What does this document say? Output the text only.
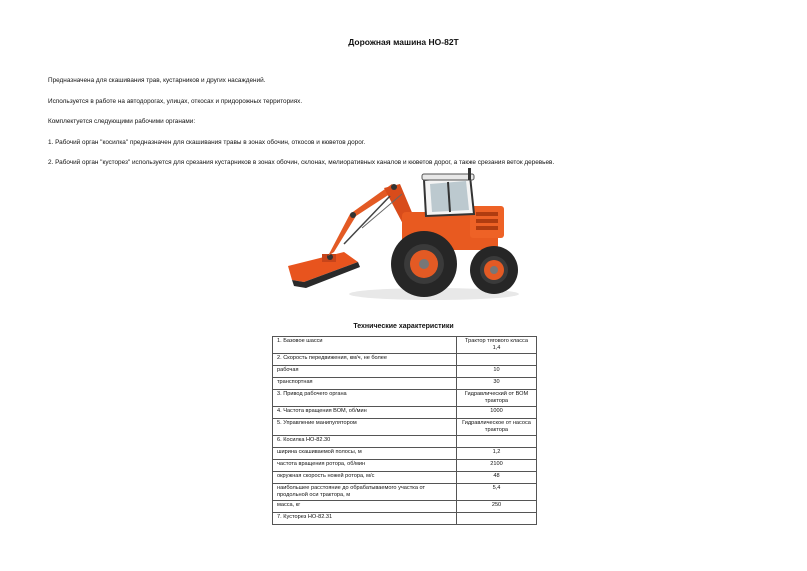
Дорожная машина НО-82Т
Предназначена для скашивания трав, кустарников и других насаждений.
Используется в работе на автодорогах, улицах, откосах и придорожных территориях.
Комплектуется следующими рабочими органами:
1. Рабочий орган "косилка" предназначен для скашивания травы в зонах обочин, откосов и кюветов дорог.
2. Рабочий орган "кусторез" используется для срезания кустарников в зонах обочин, склонах, мелиоративных каналов и кюветов дорог, а также срезания веток деревьев.
Технические характеристики
1. Базовое шасси	Трактор тягового класса 1,4
2. Скорость передвижения, км/ч, не более	
рабочая	10
транспортная	30
3. Привод рабочего органа	Гидравлический от ВОМ трактора
4. Частота вращения ВОМ, об/мин	1000
5. Управление манипулятором	Гидравлическое от насоса трактора
6. Косилка НО-82.30	
ширина скашиваемой полосы, м	1,2
частота вращения ротора, об/мин	2100
окружная скорость ножей ротора, м/с	48
наибольшее расстояние до обрабатываемого участка от продольной оси трактора, м	5,4
масса, кг	250
7. Кусторез НО-82.31	
